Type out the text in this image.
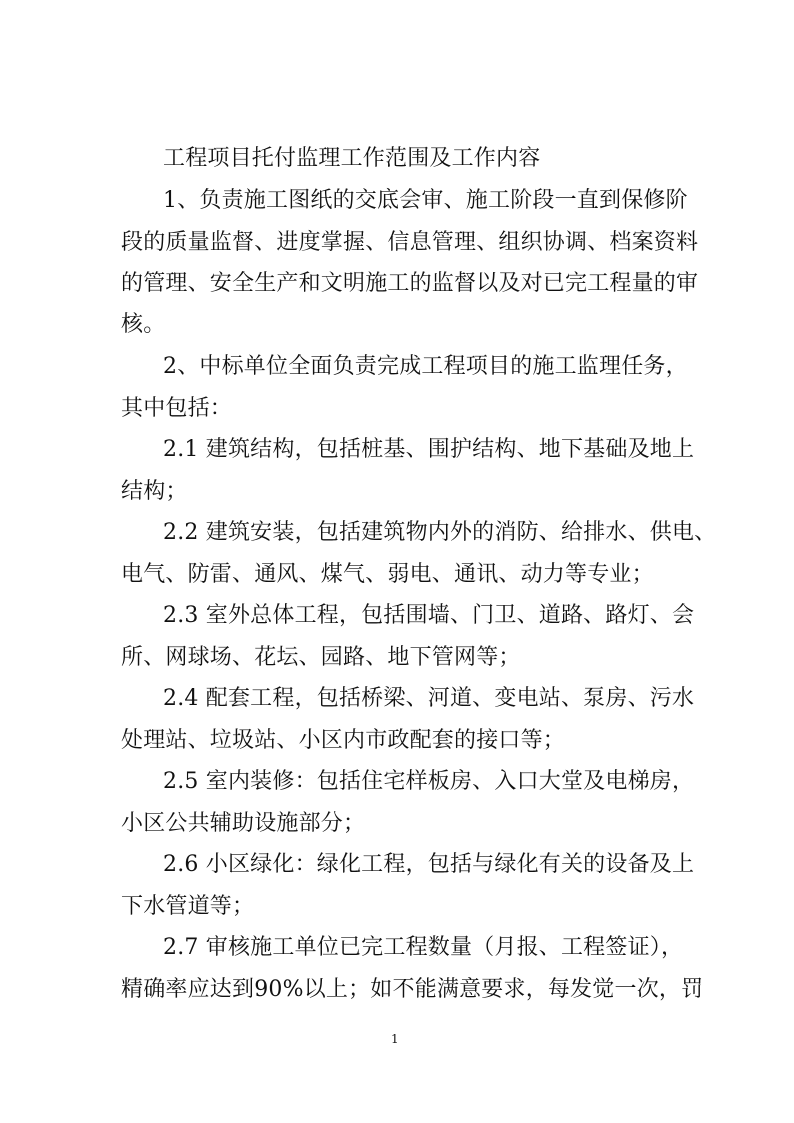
工程项目托付监理工作范围及工作内容
1、负责施工图纸的交底会审、施工阶段一直到保修阶
段的质量监督、进度掌握、信息管理、组织协调、档案资料
的管理、安全生产和文明施工的监督以及对已完工程量的审
核。
2、中标单位全面负责完成工程项目的施工监理任务，
其中包括：
2.1 建筑结构，包括桩基、围护结构、地下基础及地上
结构；
2.2 建筑安装，包括建筑物内外的消防、给排水、供电、
电气、防雷、通风、煤气、弱电、通讯、动力等专业；
2.3 室外总体工程，包括围墙、门卫、道路、路灯、会
所、网球场、花坛、园路、地下管网等；
2.4 配套工程，包括桥梁、河道、变电站、泵房、污水
处理站、垃圾站、小区内市政配套的接口等；
2.5 室内装修：包括住宅样板房、入口大堂及电梯房，
小区公共辅助设施部分；
2.6 小区绿化：绿化工程，包括与绿化有关的设备及上
下水管道等；
2.7 审核施工单位已完工程数量（月报、工程签证），
精确率应达到90%以上；如不能满意要求，每发觉一次，罚
1
